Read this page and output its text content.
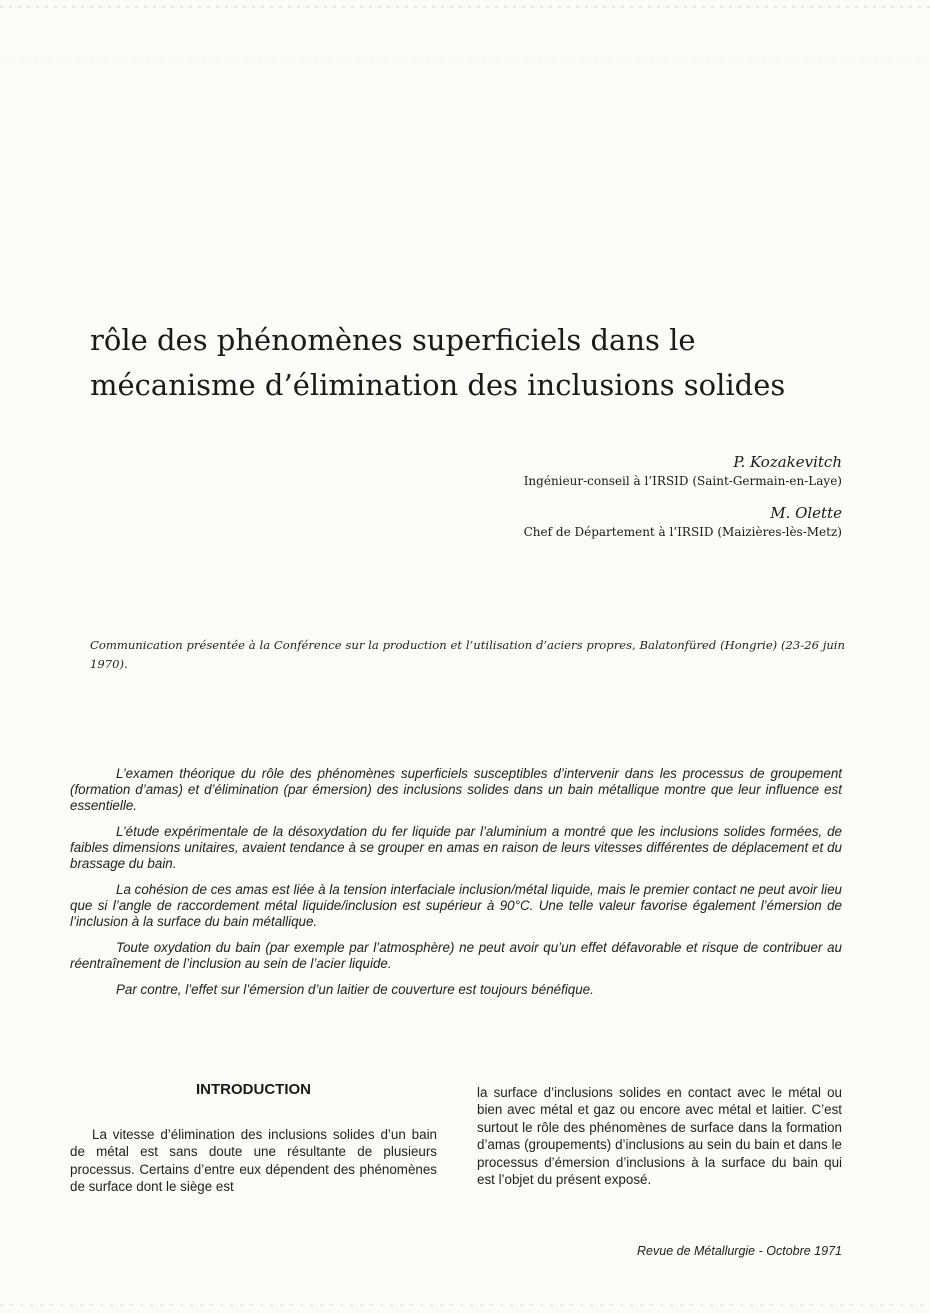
rôle des phénomènes superficiels dans le
mécanisme d’élimination des inclusions solides
P. Kozakevitch
Ingénieur-conseil à l’IRSID (Saint-Germain-en-Laye)
M. Olette
Chef de Département à l’IRSID (Maizières-lès-Metz)

Communication présentée à la Conférence sur la production et l’utilisation d’aciers propres, Balatonfüred (Hongrie) (23-26 juin 1970).

L’examen théorique du rôle des phénomènes superficiels susceptibles d’intervenir dans les processus de groupement (formation d’amas) et d’élimination (par émersion) des inclusions solides dans un bain métallique montre que leur influence est essentielle.

L’étude expérimentale de la désoxydation du fer liquide par l’aluminium a montré que les inclusions solides formées, de faibles dimensions unitaires, avaient tendance à se grouper en amas en raison de leurs vitesses différentes de déplacement et du brassage du bain.

La cohésion de ces amas est liée à la tension interfaciale inclusion/métal liquide, mais le premier contact ne peut avoir lieu que si l’angle de raccordement métal liquide/inclusion est supérieur à 90°C. Une telle valeur favorise également l’émersion de l’inclusion à la surface du bain métallique.

Toute oxydation du bain (par exemple par l’atmosphère) ne peut avoir qu’un effet défavorable et risque de contribuer au réentraînement de l’inclusion au sein de l’acier liquide.

Par contre, l’effet sur l’émersion d’un laitier de couverture est toujours bénéfique.

INTRODUCTION

La vitesse d’élimination des inclusions solides d’un bain de métal est sans doute une résultante de plusieurs processus. Certains d’entre eux dépendent des phénomènes de surface dont le siège est

la surface d’inclusions solides en contact avec le métal ou bien avec métal et gaz ou encore avec métal et laitier. C’est surtout le rôle des phénomènes de surface dans la formation d’amas (groupements) d’inclusions au sein du bain et dans le processus d’émersion d’inclusions à la surface du bain qui est l’objet du présent exposé.

Revue de Métallurgie - Octobre 1971
